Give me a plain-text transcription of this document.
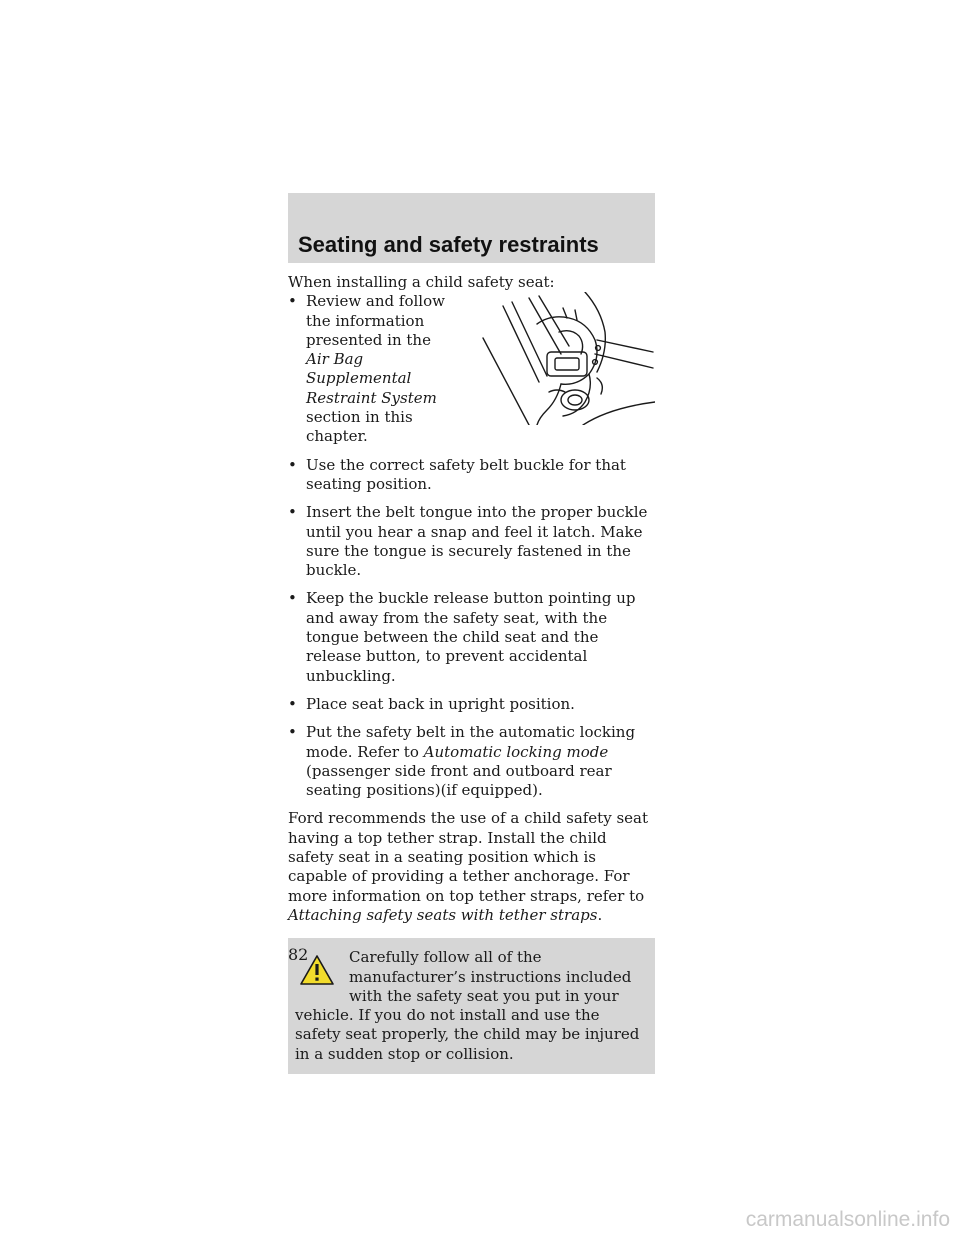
Seating and safety restraints

When installing a child safety seat:

• Review and follow the information presented in the Air Bag Supplemental Restraint System section in this chapter.
• Use the correct safety belt buckle for that seating position.
• Insert the belt tongue into the proper buckle until you hear a snap and feel it latch. Make sure the tongue is securely fastened in the buckle.
• Keep the buckle release button pointing up and away from the safety seat, with the tongue between the child seat and the release button, to prevent accidental unbuckling.
• Place seat back in upright position.
• Put the safety belt in the automatic locking mode. Refer to Automatic locking mode (passenger side front and outboard rear seating positions)(if equipped).

Ford recommends the use of a child safety seat having a top tether strap. Install the child safety seat in a seating position which is capable of providing a tether anchorage. For more information on top tether straps, refer to Attaching safety seats with tether straps.

Carefully follow all of the manufacturer’s instructions included with the safety seat you put in your vehicle. If you do not install and use the safety seat properly, the child may be injured in a sudden stop or collision.
82
carmanualsonline.info
